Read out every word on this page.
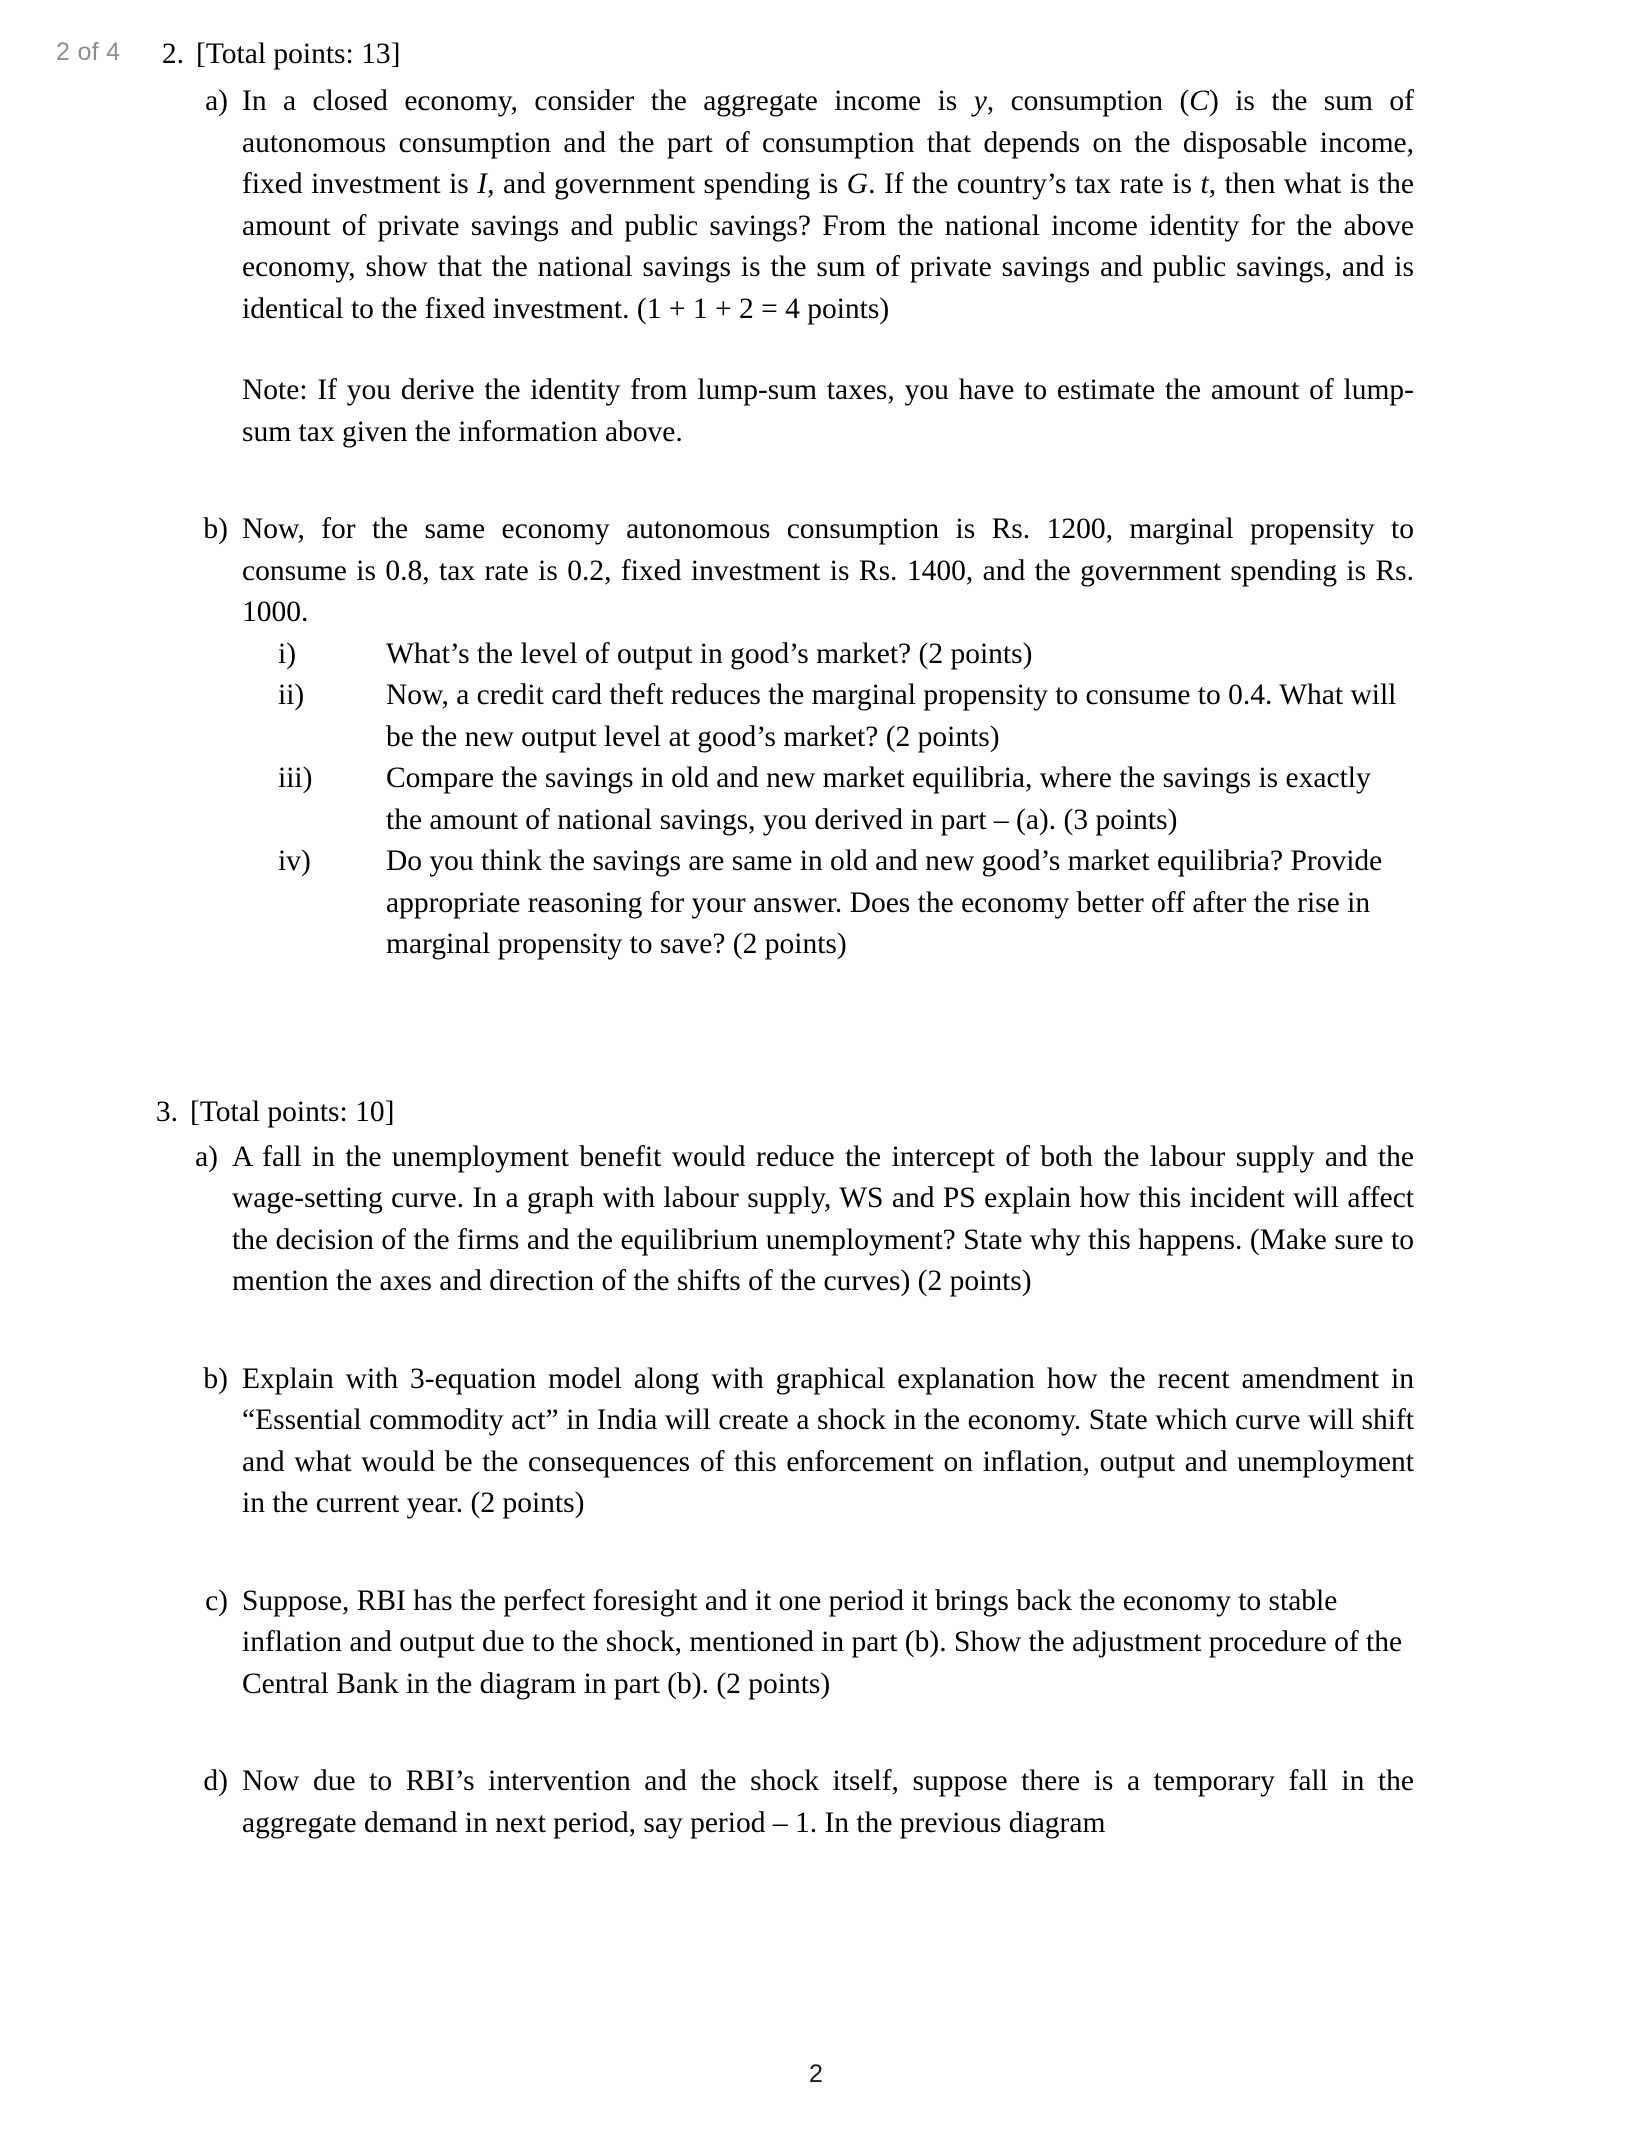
2 of 4	2. [Total points: 13]
a) In a closed economy, consider the aggregate income is y, consumption (C) is the sum of autonomous consumption and the part of consumption that depends on the disposable income, fixed investment is I, and government spending is G. If the country’s tax rate is t, then what is the amount of private savings and public savings? From the national income identity for the above economy, show that the national savings is the sum of private savings and public savings, and is identical to the fixed investment. (1 + 1 + 2 = 4 points)

Note: If you derive the identity from lump-sum taxes, you have to estimate the amount of lump-sum tax given the information above.

b) Now, for the same economy autonomous consumption is Rs. 1200, marginal propensity to consume is 0.8, tax rate is 0.2, fixed investment is Rs. 1400, and the government spending is Rs. 1000.

i)	What’s the level of output in good’s market? (2 points)
ii)	Now, a credit card theft reduces the marginal propensity to consume to 0.4. What will be the new output level at good’s market? (2 points)
iii)	Compare the savings in old and new market equilibria, where the savings is exactly the amount of national savings, you derived in part – (a). (3 points)
iv)	Do you think the savings are same in old and new good’s market equilibria? Provide appropriate reasoning for your answer. Does the economy better off after the rise in marginal propensity to save? (2 points)
3. [Total points: 10]
a) A fall in the unemployment benefit would reduce the intercept of both the labour supply and the wage-setting curve. In a graph with labour supply, WS and PS explain how this incident will affect the decision of the firms and the equilibrium unemployment? State why this happens. (Make sure to mention the axes and direction of the shifts of the curves) (2 points)

b) Explain with 3-equation model along with graphical explanation how the recent amendment in “Essential commodity act” in India will create a shock in the economy. State which curve will shift and what would be the consequences of this enforcement on inflation, output and unemployment in the current year. (2 points)

c) Suppose, RBI has the perfect foresight and it one period it brings back the economy to stable inflation and output due to the shock, mentioned in part (b). Show the adjustment procedure of the Central Bank in the diagram in part (b). (2 points)

d) Now due to RBI’s intervention and the shock itself, suppose there is a temporary fall in the aggregate demand in next period, say period – 1. In the previous diagram

2
